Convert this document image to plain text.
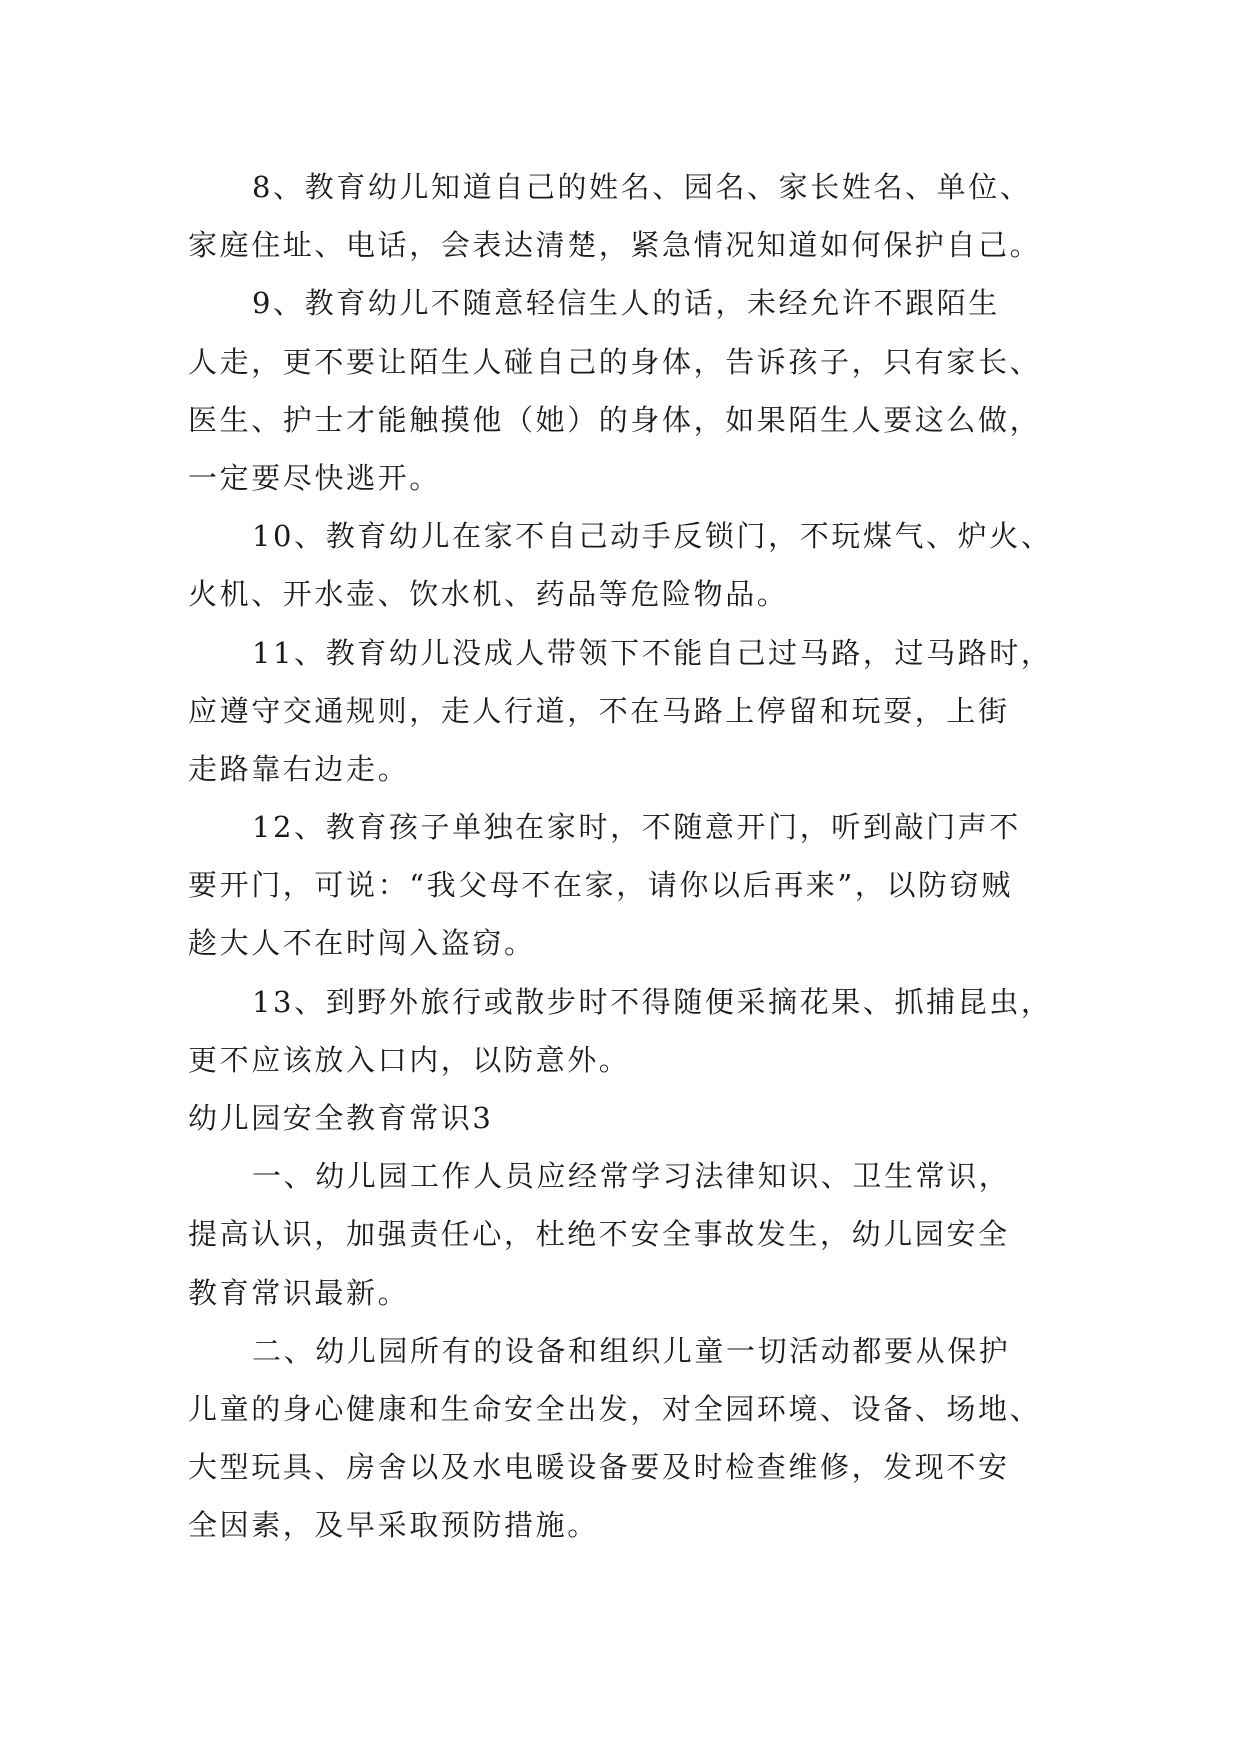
8、教育幼儿知道自己的姓名、园名、家长姓名、单位、
家庭住址、电话，会表达清楚，紧急情况知道如何保护自己。
9、教育幼儿不随意轻信生人的话，未经允许不跟陌生
人走，更不要让陌生人碰自己的身体，告诉孩子，只有家长、
医生、护士才能触摸他（她）的身体，如果陌生人要这么做，
一定要尽快逃开。
10、教育幼儿在家不自己动手反锁门，不玩煤气、炉火、
火机、开水壶、饮水机、药品等危险物品。
11、教育幼儿没成人带领下不能自己过马路，过马路时，
应遵守交通规则，走人行道，不在马路上停留和玩耍，上街
走路靠右边走。
12、教育孩子单独在家时，不随意开门，听到敲门声不
要开门，可说：“我父母不在家，请你以后再来”，以防窃贼
趁大人不在时闯入盗窃。
13、到野外旅行或散步时不得随便采摘花果、抓捕昆虫，
更不应该放入口内，以防意外。
幼儿园安全教育常识3
一、幼儿园工作人员应经常学习法律知识、卫生常识，
提高认识，加强责任心，杜绝不安全事故发生，幼儿园安全
教育常识最新。
二、幼儿园所有的设备和组织儿童一切活动都要从保护
儿童的身心健康和生命安全出发，对全园环境、设备、场地、
大型玩具、房舍以及水电暖设备要及时检查维修，发现不安
全因素，及早采取预防措施。
